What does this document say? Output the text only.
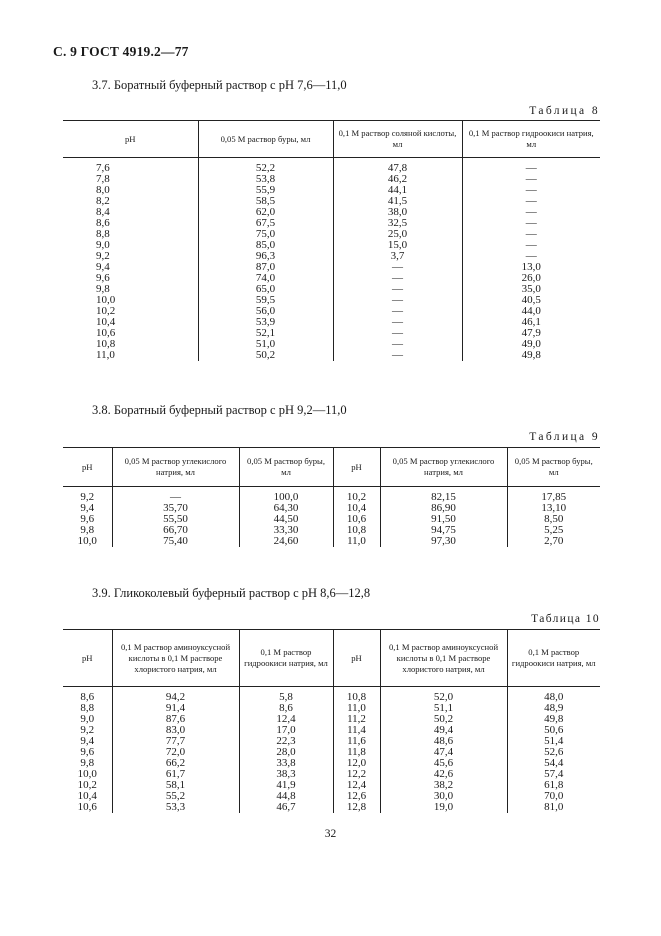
С. 9 ГОСТ 4919.2—77
3.7. Боратный буферный раствор с pH 7,6—11,0
Таблица 8
pH	0,05 М раствор буры, мл	0,1 М раствор соляной кислоты, мл	0,1 М раствор гидроокиси натрия, мл
7,6	52,2	47,8	—
7,8	53,8	46,2	—
8,0	55,9	44,1	—
8,2	58,5	41,5	—
8,4	62,0	38,0	—
8,6	67,5	32,5	—
8,8	75,0	25,0	—
9,0	85,0	15,0	—
9,2	96,3	3,7	—
9,4	87,0	—	13,0
9,6	74,0	—	26,0
9,8	65,0	—	35,0
10,0	59,5	—	40,5
10,2	56,0	—	44,0
10,4	53,9	—	46,1
10,6	52,1	—	47,9
10,8	51,0	—	49,0
11,0	50,2	—	49,8
3.8. Боратный буферный раствор с pH 9,2—11,0
Таблица 9
pH	0,05 М раствор углекислого натрия, мл	0,05 М раствор буры, мл	pH	0,05 М раствор углекислого натрия, мл	0,05 М раствор буры, мл
9,2	—	100,0	10,2	82,15	17,85
9,4	35,70	64,30	10,4	86,90	13,10
9,6	55,50	44,50	10,6	91,50	8,50
9,8	66,70	33,30	10,8	94,75	5,25
10,0	75,40	24,60	11,0	97,30	2,70
3.9. Гликоколевый буферный раствор с pH 8,6—12,8
Таблица 10
pH	0,1 М раствор аминоуксусной кислоты в 0,1 М растворе хлористого натрия, мл	0,1 М раствор гидроокиси натрия, мл	pH	0,1 М раствор аминоуксусной кислоты в 0,1 М растворе хлористого натрия, мл	0,1 М раствор гидроокиси натрия, мл
8,6	94,2	5,8	10,8	52,0	48,0
8,8	91,4	8,6	11,0	51,1	48,9
9,0	87,6	12,4	11,2	50,2	49,8
9,2	83,0	17,0	11,4	49,4	50,6
9,4	77,7	22,3	11,6	48,6	51,4
9,6	72,0	28,0	11,8	47,4	52,6
9,8	66,2	33,8	12,0	45,6	54,4
10,0	61,7	38,3	12,2	42,6	57,4
10,2	58,1	41,9	12,4	38,2	61,8
10,4	55,2	44,8	12,6	30,0	70,0
10,6	53,3	46,7	12,8	19,0	81,0
32
